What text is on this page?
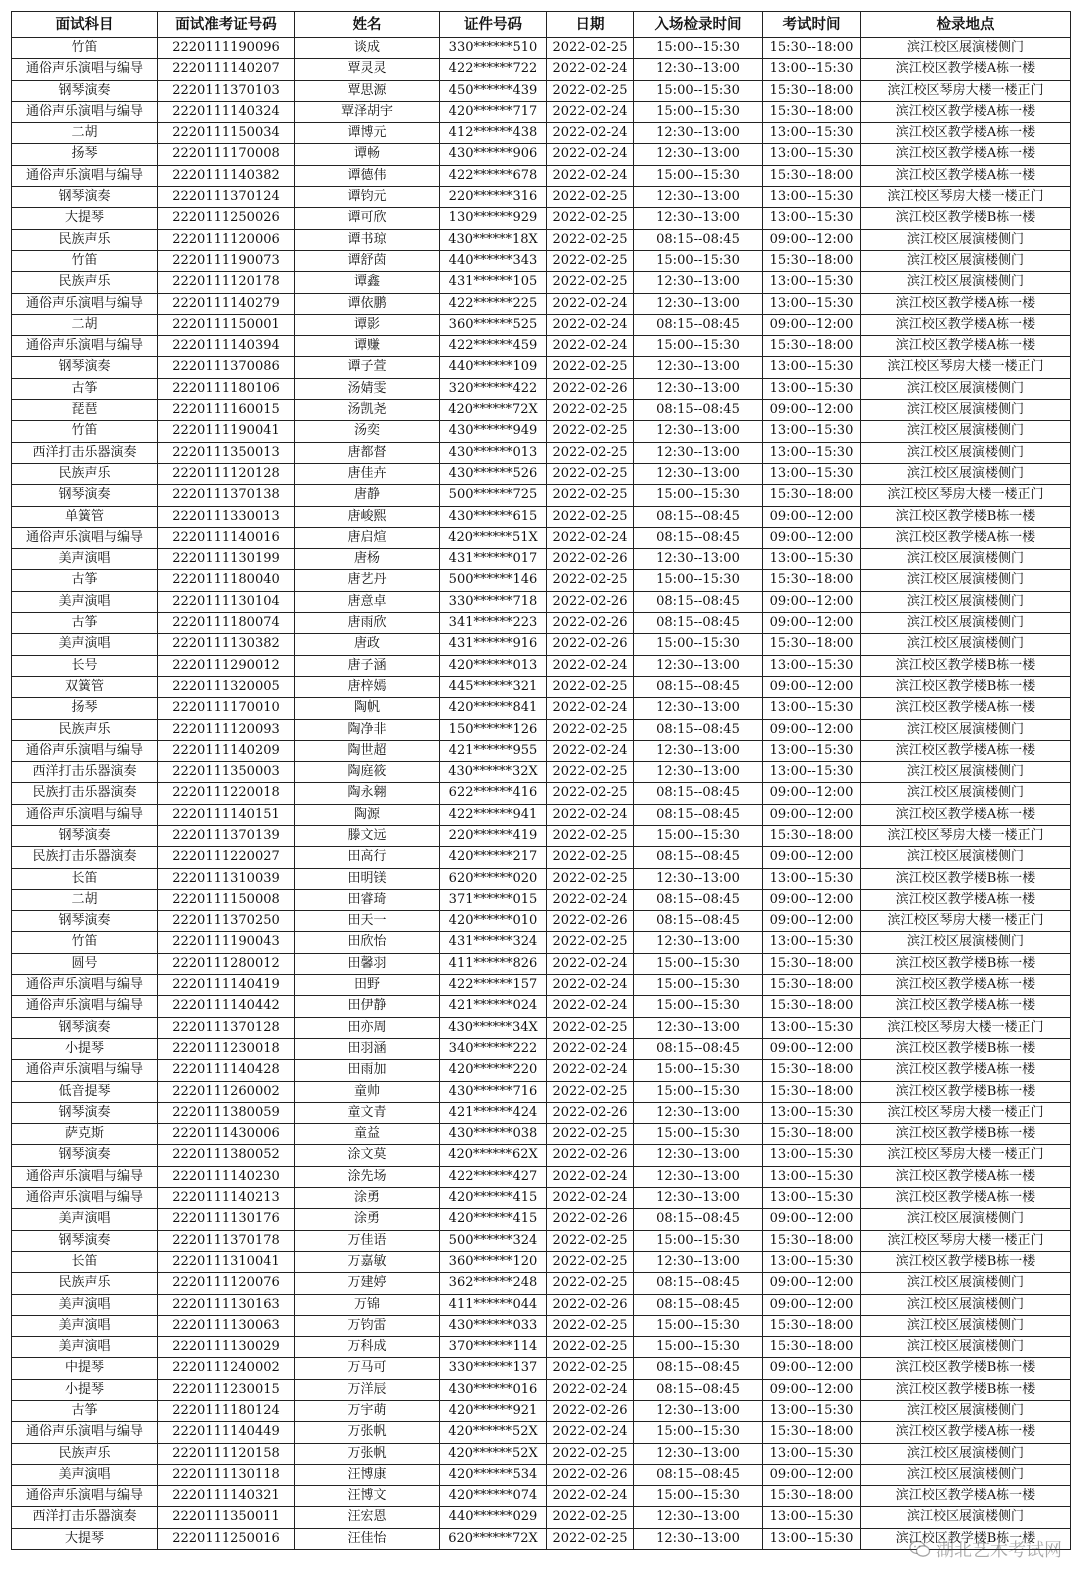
面试科目	面试准考证号码	姓名	证件号码	日期	入场检录时间	考试时间	检录地点
竹笛	2220111190096	谈成	330******510	2022-02-25	15:00--15:30	15:30--18:00	滨江校区展演楼侧门
通俗声乐演唱与编导	2220111140207	覃灵灵	422******722	2022-02-24	12:30--13:00	13:00--15:30	滨江校区教学楼A栋一楼
钢琴演奏	2220111370103	覃思源	450******439	2022-02-25	15:00--15:30	15:30--18:00	滨江校区琴房大楼一楼正门
通俗声乐演唱与编导	2220111140324	覃泽胡宇	420******717	2022-02-24	15:00--15:30	15:30--18:00	滨江校区教学楼A栋一楼
二胡	2220111150034	谭博元	412******438	2022-02-24	12:30--13:00	13:00--15:30	滨江校区教学楼A栋一楼
扬琴	2220111170008	谭畅	430******906	2022-02-24	12:30--13:00	13:00--15:30	滨江校区教学楼A栋一楼
通俗声乐演唱与编导	2220111140382	谭德伟	422******678	2022-02-24	15:00--15:30	15:30--18:00	滨江校区教学楼A栋一楼
钢琴演奏	2220111370124	谭钧元	220******316	2022-02-25	12:30--13:00	13:00--15:30	滨江校区琴房大楼一楼正门
大提琴	2220111250026	谭可欣	130******929	2022-02-25	12:30--13:00	13:00--15:30	滨江校区教学楼B栋一楼
民族声乐	2220111120006	谭书琼	430******18X	2022-02-25	08:15--08:45	09:00--12:00	滨江校区展演楼侧门
竹笛	2220111190073	谭舒茵	440******343	2022-02-25	15:00--15:30	15:30--18:00	滨江校区展演楼侧门
民族声乐	2220111120178	谭鑫	431******105	2022-02-25	12:30--13:00	13:00--15:30	滨江校区展演楼侧门
通俗声乐演唱与编导	2220111140279	谭依鹏	422******225	2022-02-24	12:30--13:00	13:00--15:30	滨江校区教学楼A栋一楼
二胡	2220111150001	谭影	360******525	2022-02-24	08:15--08:45	09:00--12:00	滨江校区教学楼A栋一楼
通俗声乐演唱与编导	2220111140394	谭赚	422******459	2022-02-24	15:00--15:30	15:30--18:00	滨江校区教学楼A栋一楼
钢琴演奏	2220111370086	谭子萱	440******109	2022-02-25	12:30--13:00	13:00--15:30	滨江校区琴房大楼一楼正门
古筝	2220111180106	汤婧雯	320******422	2022-02-26	12:30--13:00	13:00--15:30	滨江校区展演楼侧门
琵琶	2220111160015	汤凯尧	420******72X	2022-02-25	08:15--08:45	09:00--12:00	滨江校区展演楼侧门
竹笛	2220111190041	汤奕	430******949	2022-02-25	12:30--13:00	13:00--15:30	滨江校区展演楼侧门
西洋打击乐器演奏	2220111350013	唐都督	430******013	2022-02-25	12:30--13:00	13:00--15:30	滨江校区展演楼侧门
民族声乐	2220111120128	唐佳卉	430******526	2022-02-25	12:30--13:00	13:00--15:30	滨江校区展演楼侧门
钢琴演奏	2220111370138	唐静	500******725	2022-02-25	15:00--15:30	15:30--18:00	滨江校区琴房大楼一楼正门
单簧管	2220111330013	唐峻熙	430******615	2022-02-25	08:15--08:45	09:00--12:00	滨江校区教学楼B栋一楼
通俗声乐演唱与编导	2220111140016	唐启煊	420******51X	2022-02-24	08:15--08:45	09:00--12:00	滨江校区教学楼A栋一楼
美声演唱	2220111130199	唐杨	431******017	2022-02-26	12:30--13:00	13:00--15:30	滨江校区展演楼侧门
古筝	2220111180040	唐艺丹	500******146	2022-02-25	15:00--15:30	15:30--18:00	滨江校区展演楼侧门
美声演唱	2220111130104	唐意卓	330******718	2022-02-26	08:15--08:45	09:00--12:00	滨江校区展演楼侧门
古筝	2220111180074	唐雨欣	341******223	2022-02-26	08:15--08:45	09:00--12:00	滨江校区展演楼侧门
美声演唱	2220111130382	唐政	431******916	2022-02-26	15:00--15:30	15:30--18:00	滨江校区展演楼侧门
长号	2220111290012	唐子涵	420******013	2022-02-24	12:30--13:00	13:00--15:30	滨江校区教学楼B栋一楼
双簧管	2220111320005	唐梓嫣	445******321	2022-02-25	08:15--08:45	09:00--12:00	滨江校区教学楼B栋一楼
扬琴	2220111170010	陶帆	420******841	2022-02-24	12:30--13:00	13:00--15:30	滨江校区教学楼A栋一楼
民族声乐	2220111120093	陶净非	150******126	2022-02-25	08:15--08:45	09:00--12:00	滨江校区展演楼侧门
通俗声乐演唱与编导	2220111140209	陶世超	421******955	2022-02-24	12:30--13:00	13:00--15:30	滨江校区教学楼A栋一楼
西洋打击乐器演奏	2220111350003	陶庭筱	430******32X	2022-02-25	12:30--13:00	13:00--15:30	滨江校区展演楼侧门
民族打击乐器演奏	2220111220018	陶永翱	622******416	2022-02-25	08:15--08:45	09:00--12:00	滨江校区展演楼侧门
通俗声乐演唱与编导	2220111140151	陶源	422******941	2022-02-24	08:15--08:45	09:00--12:00	滨江校区教学楼A栋一楼
钢琴演奏	2220111370139	滕文远	220******419	2022-02-25	15:00--15:30	15:30--18:00	滨江校区琴房大楼一楼正门
民族打击乐器演奏	2220111220027	田高行	420******217	2022-02-25	08:15--08:45	09:00--12:00	滨江校区展演楼侧门
长笛	2220111310039	田明镁	620******020	2022-02-25	12:30--13:00	13:00--15:30	滨江校区教学楼B栋一楼
二胡	2220111150008	田睿琦	371******015	2022-02-24	08:15--08:45	09:00--12:00	滨江校区教学楼A栋一楼
钢琴演奏	2220111370250	田天一	420******010	2022-02-26	08:15--08:45	09:00--12:00	滨江校区琴房大楼一楼正门
竹笛	2220111190043	田欣怡	431******324	2022-02-25	12:30--13:00	13:00--15:30	滨江校区展演楼侧门
圆号	2220111280012	田馨羽	411******826	2022-02-24	15:00--15:30	15:30--18:00	滨江校区教学楼B栋一楼
通俗声乐演唱与编导	2220111140419	田野	422******157	2022-02-24	15:00--15:30	15:30--18:00	滨江校区教学楼A栋一楼
通俗声乐演唱与编导	2220111140442	田伊静	421******024	2022-02-24	15:00--15:30	15:30--18:00	滨江校区教学楼A栋一楼
钢琴演奏	2220111370128	田亦周	430******34X	2022-02-25	12:30--13:00	13:00--15:30	滨江校区琴房大楼一楼正门
小提琴	2220111230018	田羽涵	340******222	2022-02-24	08:15--08:45	09:00--12:00	滨江校区教学楼B栋一楼
通俗声乐演唱与编导	2220111140428	田雨加	420******220	2022-02-24	15:00--15:30	15:30--18:00	滨江校区教学楼A栋一楼
低音提琴	2220111260002	童帅	430******716	2022-02-25	15:00--15:30	15:30--18:00	滨江校区教学楼B栋一楼
钢琴演奏	2220111380059	童文青	421******424	2022-02-26	12:30--13:00	13:00--15:30	滨江校区琴房大楼一楼正门
萨克斯	2220111430006	童益	430******038	2022-02-25	15:00--15:30	15:30--18:00	滨江校区教学楼B栋一楼
钢琴演奏	2220111380052	涂文莫	420******62X	2022-02-26	12:30--13:00	13:00--15:30	滨江校区琴房大楼一楼正门
通俗声乐演唱与编导	2220111140230	涂先场	422******427	2022-02-24	12:30--13:00	13:00--15:30	滨江校区教学楼A栋一楼
通俗声乐演唱与编导	2220111140213	涂勇	420******415	2022-02-24	12:30--13:00	13:00--15:30	滨江校区教学楼A栋一楼
美声演唱	2220111130176	涂勇	420******415	2022-02-26	08:15--08:45	09:00--12:00	滨江校区展演楼侧门
钢琴演奏	2220111370178	万佳语	500******324	2022-02-25	15:00--15:30	15:30--18:00	滨江校区琴房大楼一楼正门
长笛	2220111310041	万嘉敏	360******120	2022-02-25	12:30--13:00	13:00--15:30	滨江校区教学楼B栋一楼
民族声乐	2220111120076	万建婷	362******248	2022-02-25	08:15--08:45	09:00--12:00	滨江校区展演楼侧门
美声演唱	2220111130163	万锦	411******044	2022-02-26	08:15--08:45	09:00--12:00	滨江校区展演楼侧门
美声演唱	2220111130063	万钧雷	430******033	2022-02-25	15:00--15:30	15:30--18:00	滨江校区展演楼侧门
美声演唱	2220111130029	万科成	370******114	2022-02-25	15:00--15:30	15:30--18:00	滨江校区展演楼侧门
中提琴	2220111240002	万马可	330******137	2022-02-25	08:15--08:45	09:00--12:00	滨江校区教学楼B栋一楼
小提琴	2220111230015	万洋辰	430******016	2022-02-24	08:15--08:45	09:00--12:00	滨江校区教学楼B栋一楼
古筝	2220111180124	万宇萌	420******921	2022-02-26	12:30--13:00	13:00--15:30	滨江校区展演楼侧门
通俗声乐演唱与编导	2220111140449	万张帆	420******52X	2022-02-24	15:00--15:30	15:30--18:00	滨江校区教学楼A栋一楼
民族声乐	2220111120158	万张帆	420******52X	2022-02-25	12:30--13:00	13:00--15:30	滨江校区展演楼侧门
美声演唱	2220111130118	汪博康	420******534	2022-02-26	08:15--08:45	09:00--12:00	滨江校区展演楼侧门
通俗声乐演唱与编导	2220111140321	汪博文	420******074	2022-02-24	15:00--15:30	15:30--18:00	滨江校区教学楼A栋一楼
西洋打击乐器演奏	2220111350011	汪宏恩	440******029	2022-02-25	12:30--13:00	13:00--15:30	滨江校区展演楼侧门
大提琴	2220111250016	汪佳怡	620******72X	2022-02-25	12:30--13:00	13:00--15:30	滨江校区教学楼B栋一楼
湖北艺术考试网
